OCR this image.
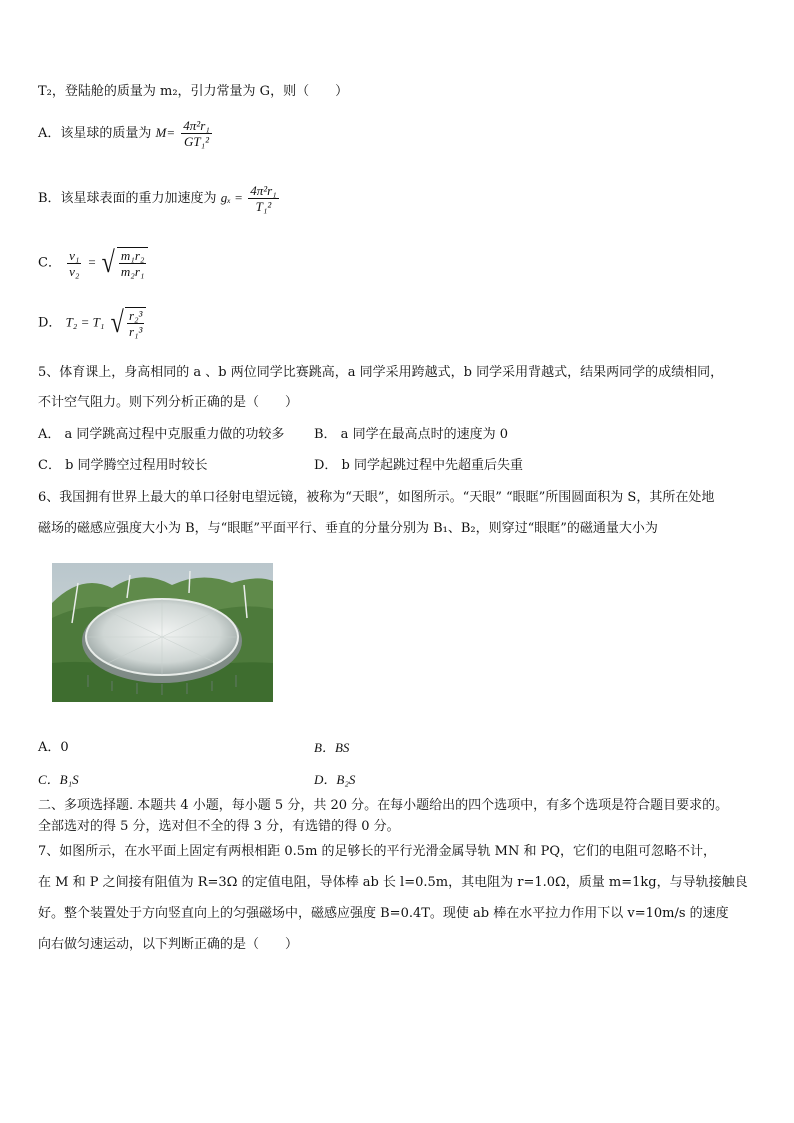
T₂，登陆舱的质量为 m₂，引力常量为 G，则（　　）
A．该星球的质量为 $M= \frac{\text{4π²r₁}}{\text{GT₁²}}$
B．该星球表面的重力加速度为 $g_x = \frac{\text{4π²r₁}}{\text{T₁²}}$
C． $\frac{\text{v₁}}{\text{v₂}}$ = √ $\frac{\text{m₁r₂}}{\text{m₂r₁}}$
D． T₂ = T₁ √ $\frac{\text{r₂³}}{\text{r₁³}}$
5、体育课上，身高相同的 a 、b 两位同学比赛跳高，a 同学采用跨越式，b 同学采用背越式，结果两同学的成绩相同，
不计空气阻力。则下列分析正确的是（　　）
A． a 同学跳高过程中克服重力做的功较多 B． a 同学在最高点时的速度为 0
C． b 同学腾空过程用时较长	D． b 同学起跳过程中先超重后失重
6、我国拥有世界上最大的单口径射电望远镜，被称为“天眼”，如图所示。“天眼” “眼眶”所围圆面积为 S，其所在处地
磁场的磁感应强度大小为 B，与“眼眶”平面平行、垂直的分量分别为 B₁、B₂，则穿过“眼眶”的磁通量大小为
A．0	B．BS
C．B₁S	D．B₂S
二、多项选择题. 本题共 4 小题，每小题 5 分，共 20 分。在每小题给出的四个选项中，有多个选项是符合题目要求的。
全部选对的得 5 分，选对但不全的得 3 分，有选错的得 0 分。
7、如图所示，在水平面上固定有两根相距 0.5m 的足够长的平行光滑金属导轨 MN 和 PQ，它们的电阻可忽略不计，
在 M 和 P 之间接有阻值为 R=3Ω 的定值电阻，导体棒 ab 长 l=0.5m，其电阻为 r=1.0Ω，质量 m=1kg，与导轨接触良
好。整个装置处于方向竖直向上的匀强磁场中，磁感应强度 B=0.4T。现使 ab 棒在水平拉力作用下以 v=10m/s 的速度
向右做匀速运动，以下判断正确的是（　　）
